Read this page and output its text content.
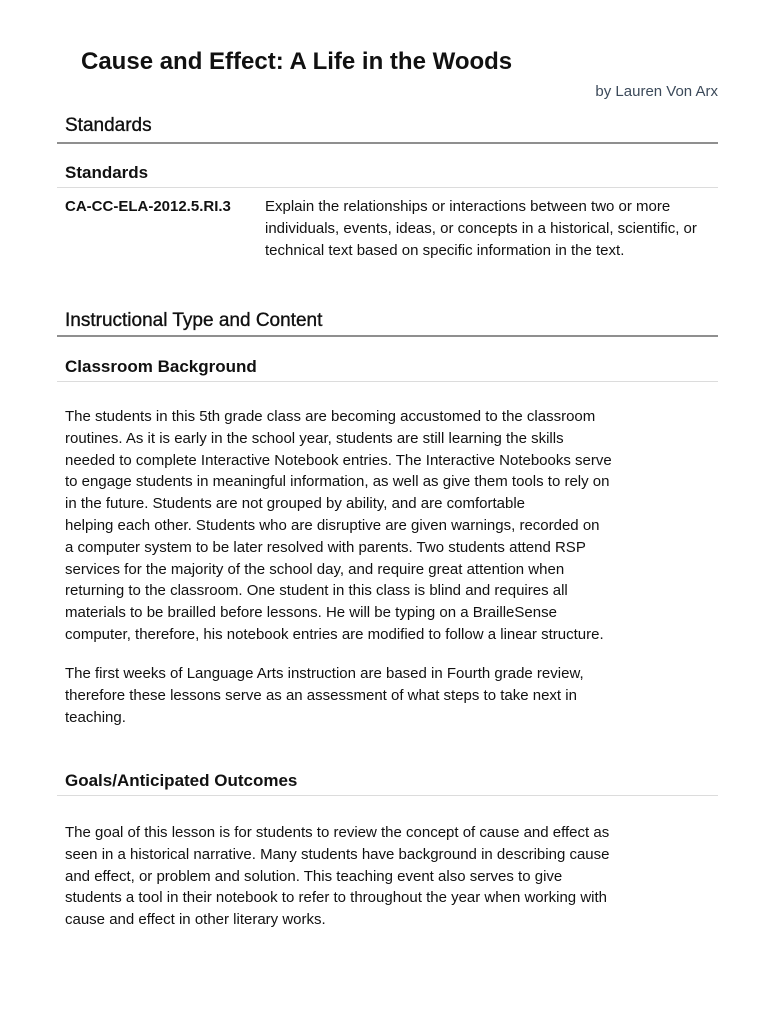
Cause and Effect: A Life in the Woods
by Lauren Von Arx
Standards
Standards
CA-CC-ELA-2012.5.RI.3 Explain the relationships or interactions between two or more individuals, events, ideas, or concepts in a historical, scientific, or technical text based on specific information in the text.
Instructional Type and Content
Classroom Background
The students in this 5th grade class are becoming accustomed to the classroom
routines. As it is early in the school year, students are still learning the skills
needed to complete Interactive Notebook entries. The Interactive Notebooks serve
to engage students in meaningful information, as well as give them tools to rely on
in the future. Students are not grouped by ability, and are comfortable
helping each other. Students who are disruptive are given warnings, recorded on
a computer system to be later resolved with parents. Two students attend RSP
services for the majority of the school day, and require great attention when
returning to the classroom. One student in this class is blind and requires all
materials to be brailled before lessons. He will be typing on a BrailleSense
computer, therefore, his notebook entries are modified to follow a linear structure.
The first weeks of Language Arts instruction are based in Fourth grade review,
therefore these lessons serve as an assessment of what steps to take next in
teaching.
Goals/Anticipated Outcomes
The goal of this lesson is for students to review the concept of cause and effect as
seen in a historical narrative. Many students have background in describing cause
and effect, or problem and solution. This teaching event also serves to give
students a tool in their notebook to refer to throughout the year when working with
cause and effect in other literary works.
